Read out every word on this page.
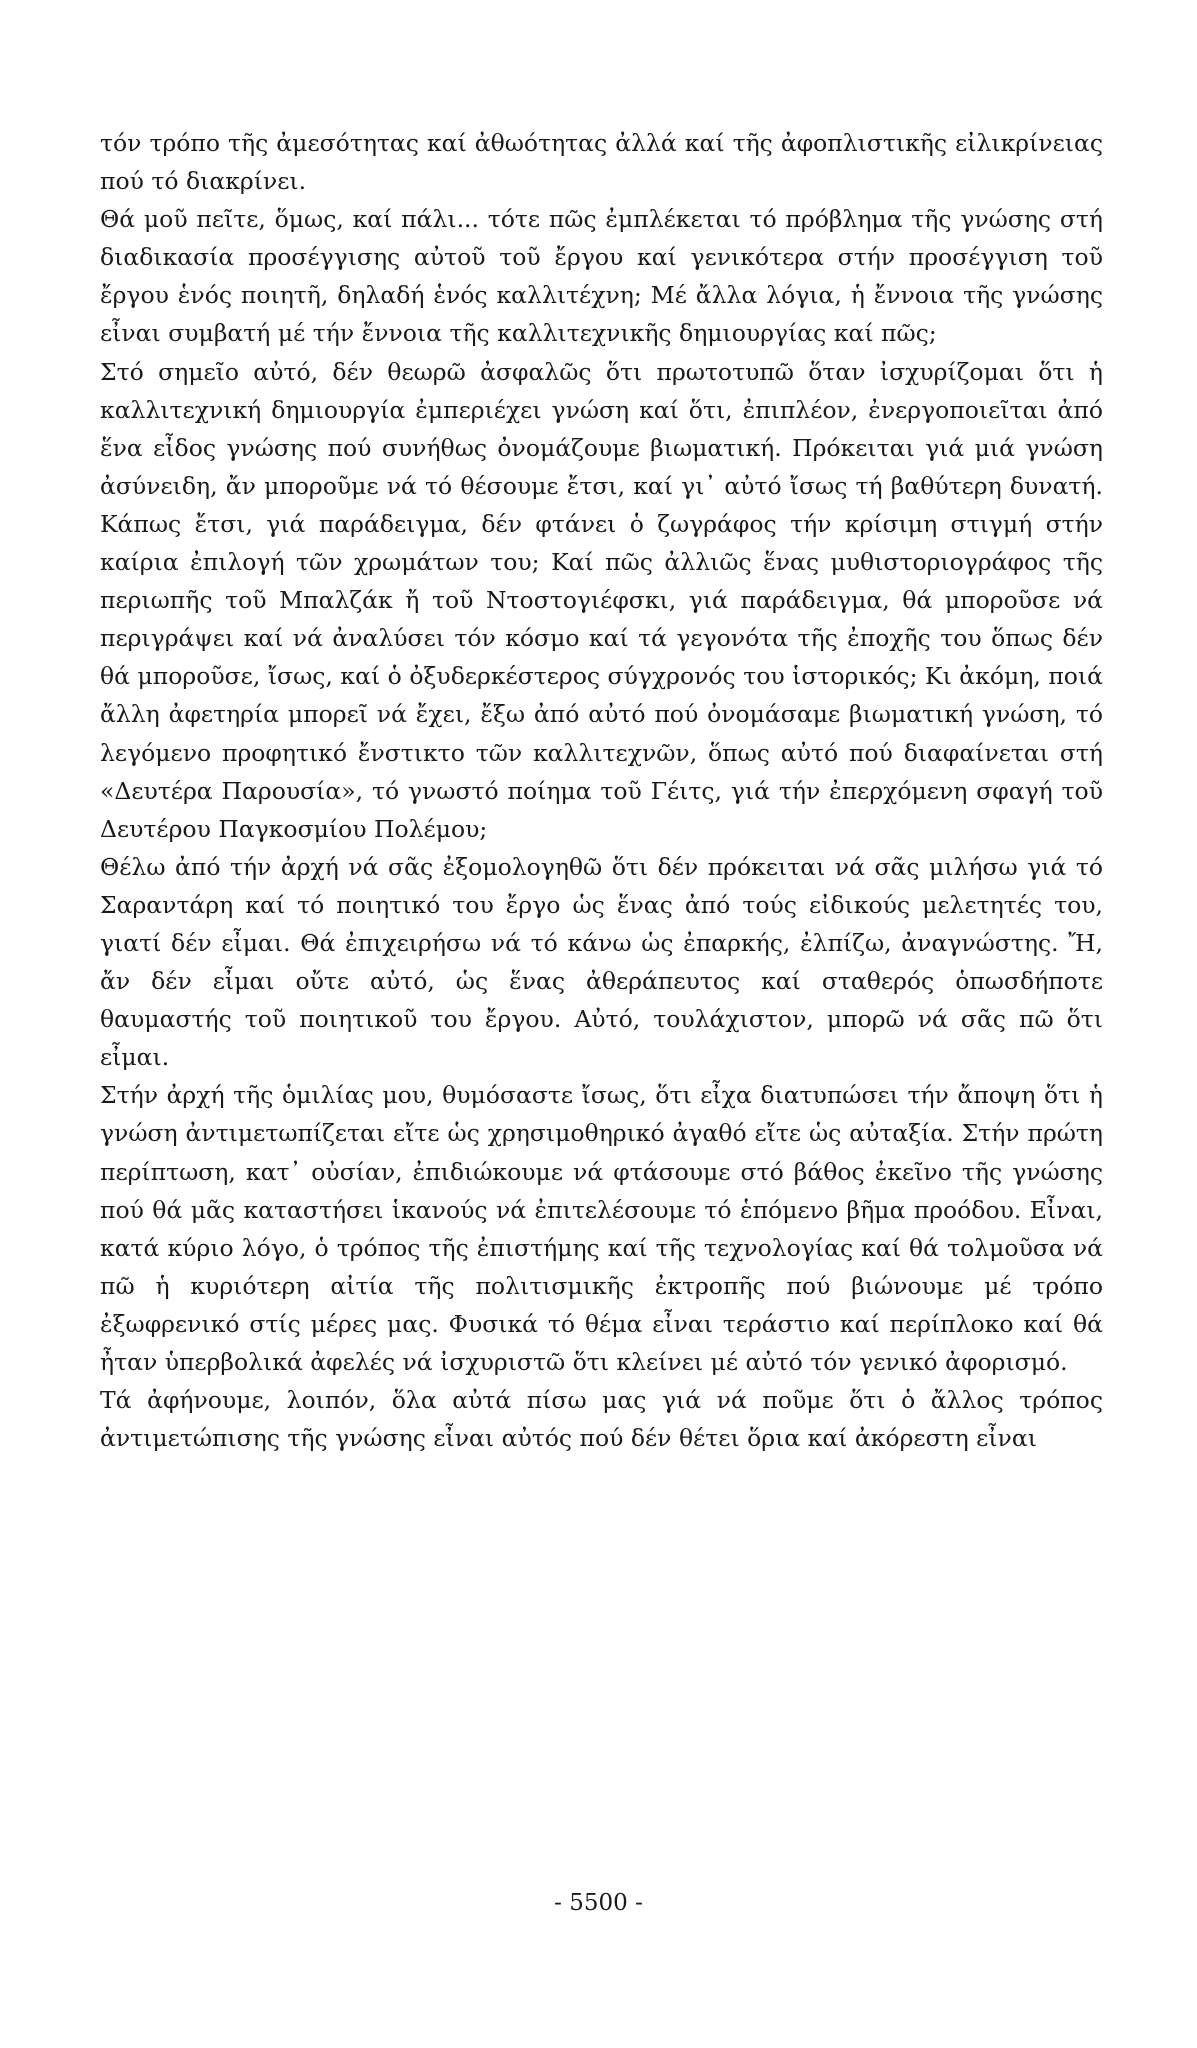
τόν τρόπο τῆς ἀμεσότητας καί ἀθωότητας ἀλλά καί τῆς ἀφοπλιστικῆς εἰλικρίνειας πού τό διακρίνει.

Θά μοῦ πεῖτε, ὅμως, καί πάλι... τότε πῶς ἐμπλέκεται τό πρόβλημα τῆς γνώσης στή διαδικασία προσέγγισης αὐτοῦ τοῦ ἔργου καί γενικότερα στήν προσέγγιση τοῦ ἔργου ἑνός ποιητῆ, δηλαδή ἑνός καλλιτέχνη; Μέ ἄλλα λόγια, ἡ ἔννοια τῆς γνώσης εἶναι συμβατή μέ τήν ἔννοια τῆς καλλιτεχνικῆς δημιουργίας καί πῶς;

Στό σημεῖο αὐτό, δέν θεωρῶ ἀσφαλῶς ὅτι πρωτοτυπῶ ὅταν ἰσχυρίζομαι ὅτι ἡ καλλιτεχνική δημιουργία ἐμπεριέχει γνώση καί ὅτι, ἐπιπλέον, ἐνεργοποιεῖται ἀπό ἕνα εἶδος γνώσης πού συνήθως ὀνομάζουμε βιωματική. Πρόκειται γιά μιά γνώση ἀσύνειδη, ἄν μποροῦμε νά τό θέσουμε ἔτσι, καί γι᾽ αὐτό ἴσως τή βαθύτερη δυνατή. Κάπως ἔτσι, γιά παράδειγμα, δέν φτάνει ὁ ζωγράφος τήν κρίσιμη στιγμή στήν καίρια ἐπιλογή τῶν χρωμάτων του; Καί πῶς ἀλλιῶς ἕνας μυθιστοριογράφος τῆς περιωπῆς τοῦ Μπαλζάκ ἤ τοῦ Ντοστογιέφσκι, γιά παράδειγμα, θά μποροῦσε νά περιγράψει καί νά ἀναλύσει τόν κόσμο καί τά γεγονότα τῆς ἐποχῆς του ὅπως δέν θά μποροῦσε, ἴσως, καί ὁ ὀξυδερκέστερος σύγχρονός του ἱστορικός; Κι ἀκόμη, ποιά ἄλλη ἀφετηρία μπορεῖ νά ἔχει, ἔξω ἀπό αὐτό πού ὀνομάσαμε βιωματική γνώση, τό λεγόμενο προφητικό ἔνστικτο τῶν καλλιτεχνῶν, ὅπως αὐτό πού διαφαίνεται στή «Δευτέρα Παρουσία», τό γνωστό ποίημα τοῦ Γέιτς, γιά τήν ἐπερχόμενη σφαγή τοῦ Δευτέρου Παγκοσμίου Πολέμου;

Θέλω ἀπό τήν ἀρχή νά σᾶς ἐξομολογηθῶ ὅτι δέν πρόκειται νά σᾶς μιλήσω γιά τό Σαραντάρη καί τό ποιητικό του ἔργο ὡς ἕνας ἀπό τούς εἰδικούς μελετητές του, γιατί δέν εἶμαι. Θά ἐπιχειρήσω νά τό κάνω ὡς ἐπαρκής, ἐλπίζω, ἀναγνώστης. Ἤ, ἄν δέν εἶμαι οὔτε αὐτό, ὡς ἕνας ἀθεράπευτος καί σταθερός ὁπωσδήποτε θαυμαστής τοῦ ποιητικοῦ του ἔργου. Αὐτό, τουλάχιστον, μπορῶ νά σᾶς πῶ ὅτι εἶμαι.

Στήν ἀρχή τῆς ὁμιλίας μου, θυμόσαστε ἴσως, ὅτι εἶχα διατυπώσει τήν ἄποψη ὅτι ἡ γνώση ἀντιμετωπίζεται εἴτε ὡς χρησιμοθηρικό ἀγαθό εἴτε ὡς αὐταξία. Στήν πρώτη περίπτωση, κατ᾽ οὐσίαν, ἐπιδιώκουμε νά φτάσουμε στό βάθος ἐκεῖνο τῆς γνώσης πού θά μᾶς καταστήσει ἱκανούς νά ἐπιτελέσουμε τό ἑπόμενο βῆμα προόδου. Εἶναι, κατά κύριο λόγο, ὁ τρόπος τῆς ἐπιστήμης καί τῆς τεχνολογίας καί θά τολμοῦσα νά πῶ ἡ κυριότερη αἰτία τῆς πολιτισμικῆς ἐκτροπῆς πού βιώνουμε μέ τρόπο ἐξωφρενικό στίς μέρες μας. Φυσικά τό θέμα εἶναι τεράστιο καί περίπλοκο καί θά ἦταν ὑπερβολικά ἀφελές νά ἰσχυριστῶ ὅτι κλείνει μέ αὐτό τόν γενικό ἀφορισμό.

Τά ἀφήνουμε, λοιπόν, ὅλα αὐτά πίσω μας γιά νά ποῦμε ὅτι ὁ ἄλλος τρόπος ἀντιμετώπισης τῆς γνώσης εἶναι αὐτός πού δέν θέτει ὅρια καί ἀκόρεστη εἶναι

- 5500 -
